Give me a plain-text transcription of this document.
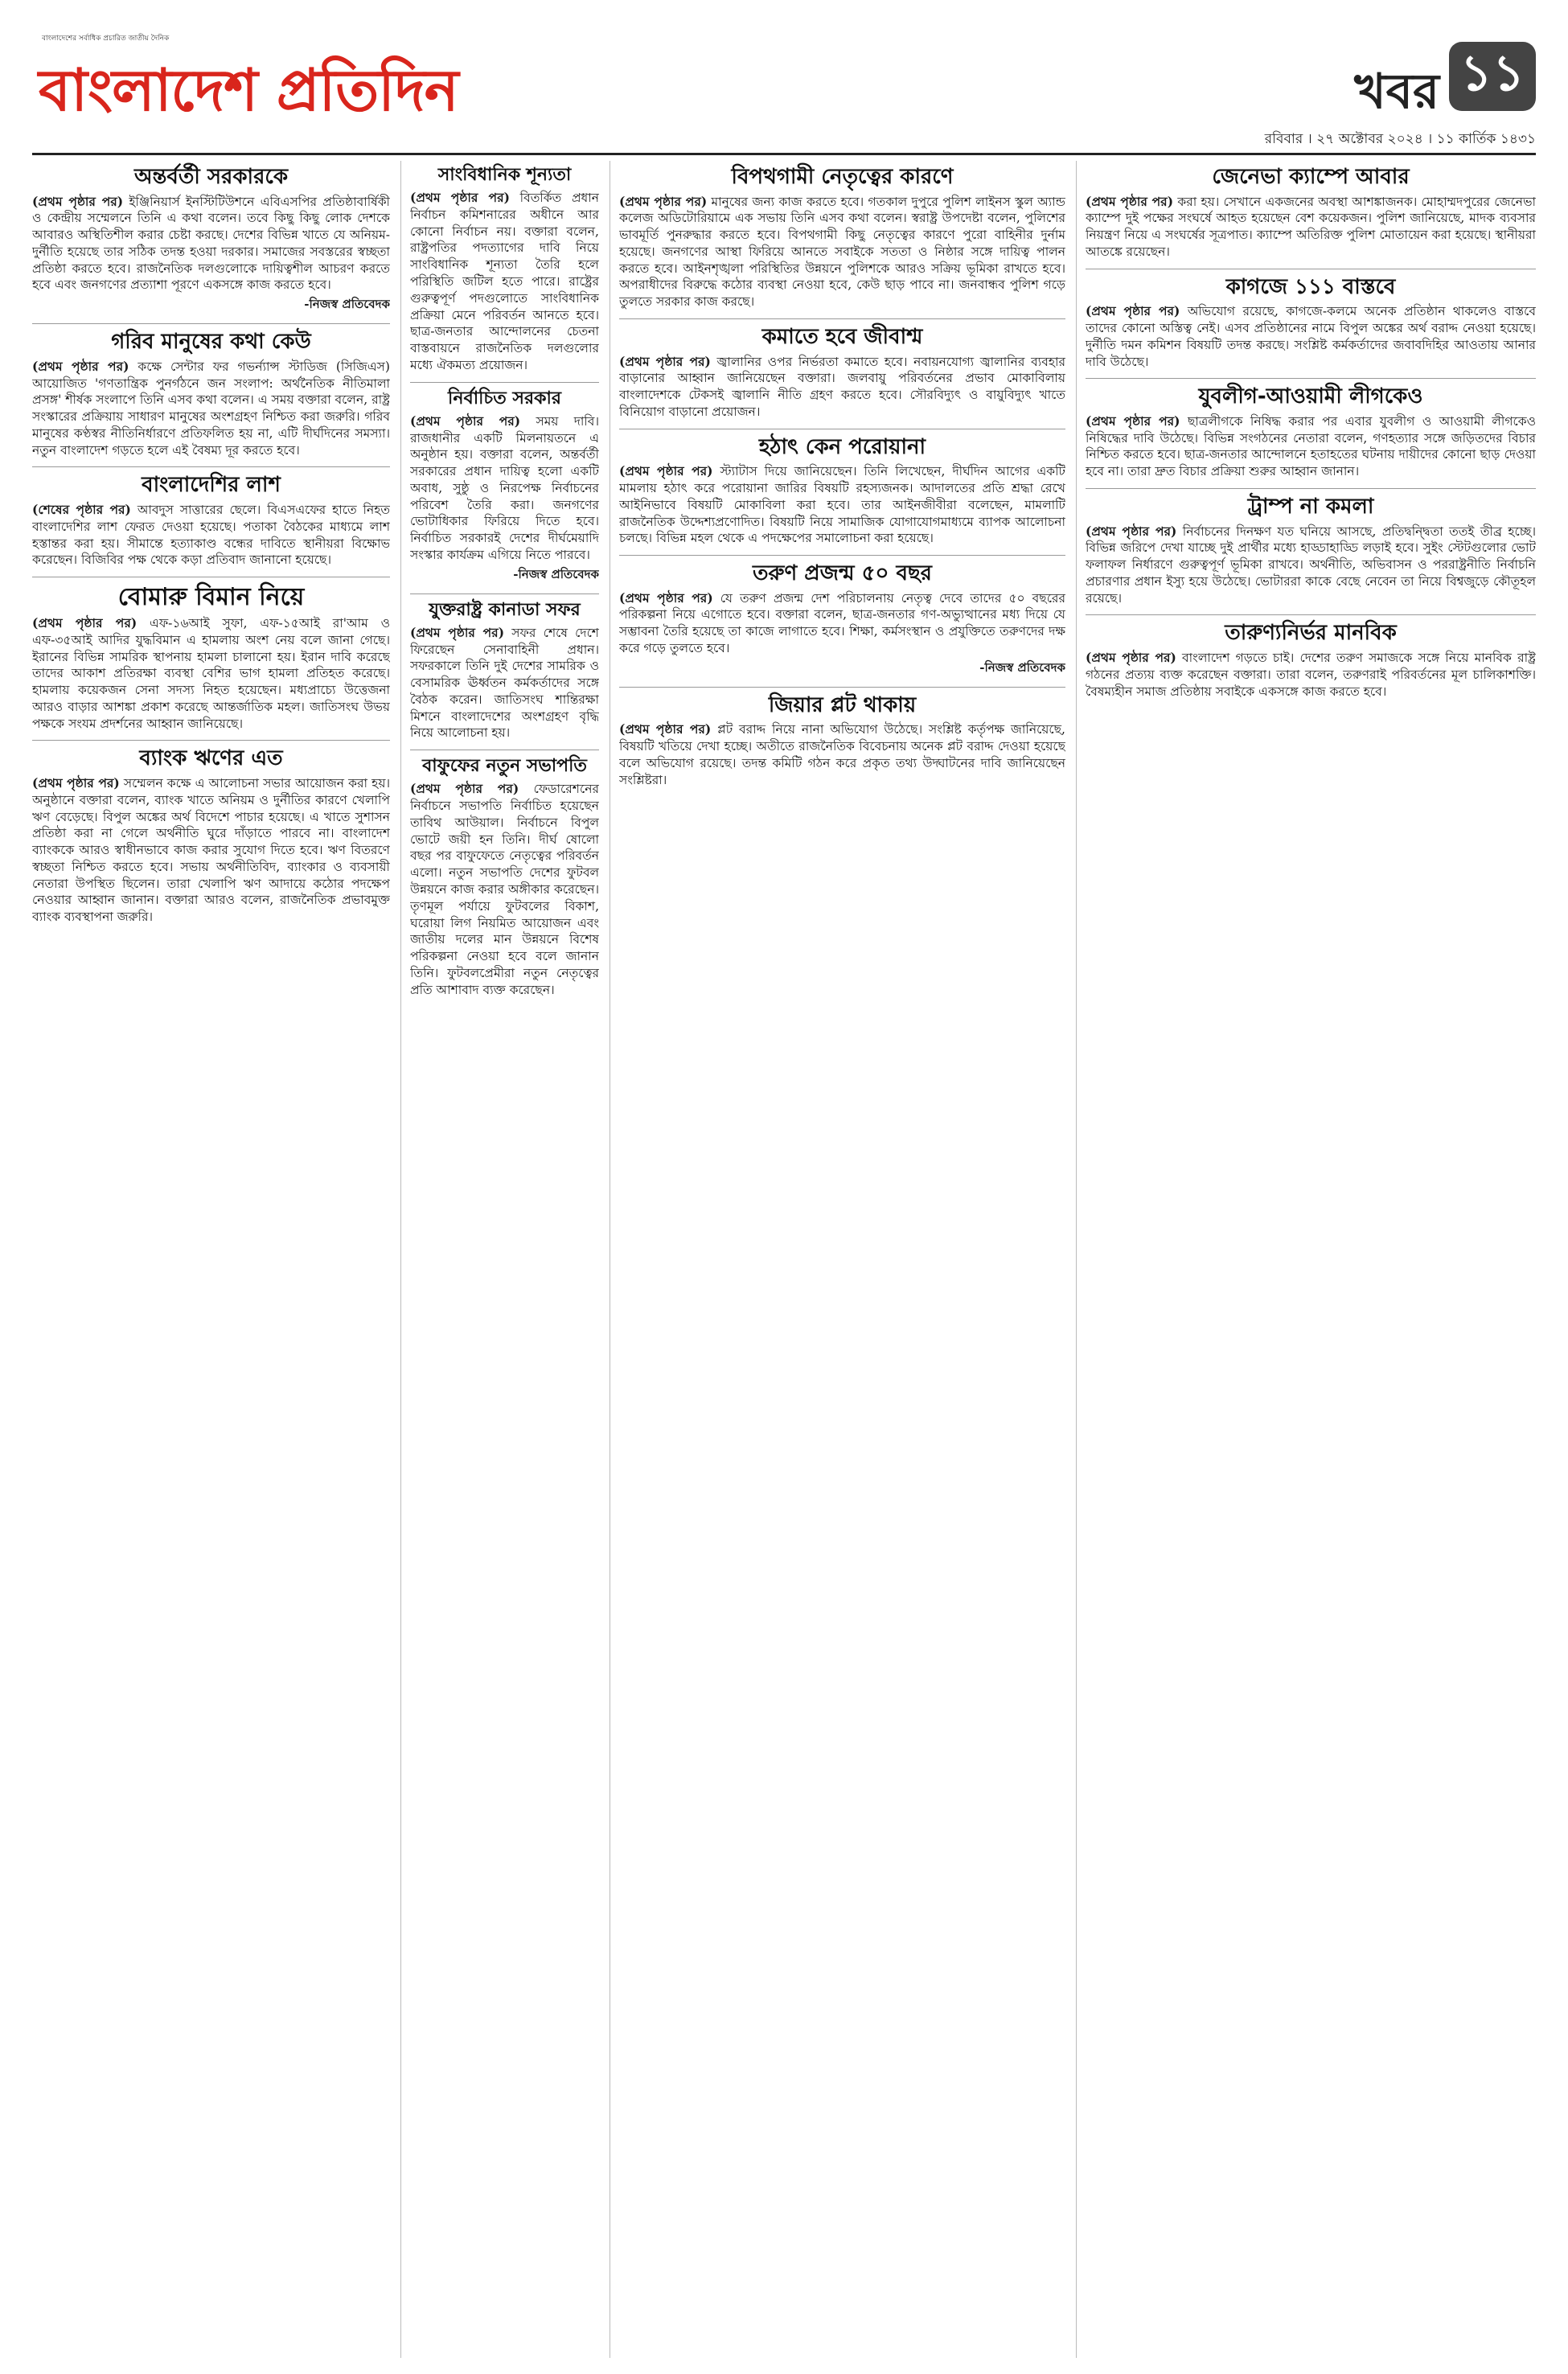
বাংলাদেশের সর্বাধিক প্রচারিত জাতীয় দৈনিক
বাংলাদেশ প্রতিদিন	খবর ১১
রবিবার । ২৭ অক্টোবর ২০২৪ । ১১ কার্তিক ১৪৩১
অন্তর্বর্তী সরকারকে

(প্রথম পৃষ্ঠার পর) ইঞ্জিনিয়ার্স ইনস্টিটিউশনে এবিএসপির প্রতিষ্ঠাবার্ষিকী ও কেন্দ্রীয় সম্মেলনে তিনি এ কথা বলেন। তবে কিছু কিছু লোক দেশকে আবারও অস্থিতিশীল করার চেষ্টা করছে। দেশের বিভিন্ন খাতে যে অনিয়ম-দুর্নীতি হয়েছে তার সঠিক তদন্ত হওয়া দরকার। সমাজের সবস্তরের স্বচ্ছতা প্রতিষ্ঠা করতে হবে। রাজনৈতিক দলগুলোকে দায়িত্বশীল আচরণ করতে হবে এবং জনগণের প্রত্যাশা পূরণে একসঙ্গে কাজ করতে হবে।

-নিজস্ব প্রতিবেদক

গরিব মানুষের কথা কেউ

(প্রথম পৃষ্ঠার পর) কক্ষে সেন্টার ফর গভর্ন্যান্স স্টাডিজ (সিজিএস) আয়োজিত 'গণতান্ত্রিক পুনর্গঠনে জন সংলাপ: অর্থনৈতিক নীতিমালা প্রসঙ্গ' শীর্ষক সংলাপে তিনি এসব কথা বলেন। এ সময় বক্তারা বলেন, রাষ্ট্র সংস্কারের প্রক্রিয়ায় সাধারণ মানুষের অংশগ্রহণ নিশ্চিত করা জরুরি। গরিব মানুষের কণ্ঠস্বর নীতিনির্ধারণে প্রতিফলিত হয় না, এটি দীর্ঘদিনের সমস্যা। নতুন বাংলাদেশ গড়তে হলে এই বৈষম্য দূর করতে হবে।

বাংলাদেশির লাশ

(শেষের পৃষ্ঠার পর) আবদুস সাত্তারের ছেলে। বিএসএফের হাতে নিহত বাংলাদেশির লাশ ফেরত দেওয়া হয়েছে। পতাকা বৈঠকের মাধ্যমে লাশ হস্তান্তর করা হয়। সীমান্তে হত্যাকাণ্ড বন্ধের দাবিতে স্থানীয়রা বিক্ষোভ করেছেন। বিজিবির পক্ষ থেকে কড়া প্রতিবাদ জানানো হয়েছে।

বোমারু বিমান নিয়ে

(প্রথম পৃষ্ঠার পর) এফ-১৬আই সুফা, এফ-১৫আই রা'আম ও এফ-৩৫আই আদির যুদ্ধবিমান এ হামলায় অংশ নেয় বলে জানা গেছে। ইরানের বিভিন্ন সামরিক স্থাপনায় হামলা চালানো হয়। ইরান দাবি করেছে তাদের আকাশ প্রতিরক্ষা ব্যবস্থা বেশির ভাগ হামলা প্রতিহত করেছে। হামলায় কয়েকজন সেনা সদস্য নিহত হয়েছেন। মধ্যপ্রাচ্যে উত্তেজনা আরও বাড়ার আশঙ্কা প্রকাশ করেছে আন্তর্জাতিক মহল। জাতিসংঘ উভয় পক্ষকে সংযম প্রদর্শনের আহ্বান জানিয়েছে।

ব্যাংক ঋণের এত

(প্রথম পৃষ্ঠার পর) সম্মেলন কক্ষে এ আলোচনা সভার আয়োজন করা হয়। অনুষ্ঠানে বক্তারা বলেন, ব্যাংক খাতে অনিয়ম ও দুর্নীতির কারণে খেলাপি ঋণ বেড়েছে। বিপুল অঙ্কের অর্থ বিদেশে পাচার হয়েছে। এ খাতে সুশাসন প্রতিষ্ঠা করা না গেলে অর্থনীতি ঘুরে দাঁড়াতে পারবে না। বাংলাদেশ ব্যাংককে আরও স্বাধীনভাবে কাজ করার সুযোগ দিতে হবে। ঋণ বিতরণে স্বচ্ছতা নিশ্চিত করতে হবে। সভায় অর্থনীতিবিদ, ব্যাংকার ও ব্যবসায়ী নেতারা উপস্থিত ছিলেন। তারা খেলাপি ঋণ আদায়ে কঠোর পদক্ষেপ নেওয়ার আহ্বান জানান। বক্তারা আরও বলেন, রাজনৈতিক প্রভাবমুক্ত ব্যাংক ব্যবস্থাপনা জরুরি।

সাংবিধানিক শূন্যতা

(প্রথম পৃষ্ঠার পর) বিতর্কিত প্রধান নির্বাচন কমিশনারের অধীনে আর কোনো নির্বাচন নয়। বক্তারা বলেন, রাষ্ট্রপতির পদত্যাগের দাবি নিয়ে সাংবিধানিক শূন্যতা তৈরি হলে পরিস্থিতি জটিল হতে পারে। রাষ্ট্রের গুরুত্বপূর্ণ পদগুলোতে সাংবিধানিক প্রক্রিয়া মেনে পরিবর্তন আনতে হবে। ছাত্র-জনতার আন্দোলনের চেতনা বাস্তবায়নে রাজনৈতিক দলগুলোর মধ্যে ঐকমত্য প্রয়োজন।

নির্বাচিত সরকার

(প্রথম পৃষ্ঠার পর) সময় দাবি। রাজধানীর একটি মিলনায়তনে এ অনুষ্ঠান হয়। বক্তারা বলেন, অন্তর্বর্তী সরকারের প্রধান দায়িত্ব হলো একটি অবাধ, সুষ্ঠু ও নিরপেক্ষ নির্বাচনের পরিবেশ তৈরি করা। জনগণের ভোটাধিকার ফিরিয়ে দিতে হবে। নির্বাচিত সরকারই দেশের দীর্ঘমেয়াদি সংস্কার কার্যক্রম এগিয়ে নিতে পারবে।

-নিজস্ব প্রতিবেদক

যুক্তরাষ্ট্র কানাডা সফর

(প্রথম পৃষ্ঠার পর) সফর শেষে দেশে ফিরেছেন সেনাবাহিনী প্রধান। সফরকালে তিনি দুই দেশের সামরিক ও বেসামরিক ঊর্ধ্বতন কর্মকর্তাদের সঙ্গে বৈঠক করেন। জাতিসংঘ শান্তিরক্ষা মিশনে বাংলাদেশের অংশগ্রহণ বৃদ্ধি নিয়ে আলোচনা হয়।

বাফুফের নতুন সভাপতি

(প্রথম পৃষ্ঠার পর) ফেডারেশনের নির্বাচনে সভাপতি নির্বাচিত হয়েছেন তাবিথ আউয়াল। নির্বাচনে বিপুল ভোটে জয়ী হন তিনি। দীর্ঘ ষোলো বছর পর বাফুফেতে নেতৃত্বের পরিবর্তন এলো। নতুন সভাপতি দেশের ফুটবল উন্নয়নে কাজ করার অঙ্গীকার করেছেন। তৃণমূল পর্যায়ে ফুটবলের বিকাশ, ঘরোয়া লিগ নিয়মিত আয়োজন এবং জাতীয় দলের মান উন্নয়নে বিশেষ পরিকল্পনা নেওয়া হবে বলে জানান তিনি। ফুটবলপ্রেমীরা নতুন নেতৃত্বের প্রতি আশাবাদ ব্যক্ত করেছেন।

বিপথগামী নেতৃত্বের কারণে

(প্রথম পৃষ্ঠার পর) মানুষের জন্য কাজ করতে হবে। গতকাল দুপুরে পুলিশ লাইনস স্কুল অ্যান্ড কলেজ অডিটোরিয়ামে এক সভায় তিনি এসব কথা বলেন। স্বরাষ্ট্র উপদেষ্টা বলেন, পুলিশের ভাবমূর্তি পুনরুদ্ধার করতে হবে। বিপথগামী কিছু নেতৃত্বের কারণে পুরো বাহিনীর দুর্নাম হয়েছে। জনগণের আস্থা ফিরিয়ে আনতে সবাইকে সততা ও নিষ্ঠার সঙ্গে দায়িত্ব পালন করতে হবে। আইনশৃঙ্খলা পরিস্থিতির উন্নয়নে পুলিশকে আরও সক্রিয় ভূমিকা রাখতে হবে। অপরাধীদের বিরুদ্ধে কঠোর ব্যবস্থা নেওয়া হবে, কেউ ছাড় পাবে না। জনবান্ধব পুলিশ গড়ে তুলতে সরকার কাজ করছে।

কমাতে হবে জীবাশ্ম

(প্রথম পৃষ্ঠার পর) জ্বালানির ওপর নির্ভরতা কমাতে হবে। নবায়নযোগ্য জ্বালানির ব্যবহার বাড়ানোর আহ্বান জানিয়েছেন বক্তারা। জলবায়ু পরিবর্তনের প্রভাব মোকাবিলায় বাংলাদেশকে টেকসই জ্বালানি নীতি গ্রহণ করতে হবে। সৌরবিদ্যুৎ ও বায়ুবিদ্যুৎ খাতে বিনিয়োগ বাড়ানো প্রয়োজন।

হঠাৎ কেন পরোয়ানা

(প্রথম পৃষ্ঠার পর) স্ট্যাটাস দিয়ে জানিয়েছেন। তিনি লিখেছেন, দীর্ঘদিন আগের একটি মামলায় হঠাৎ করে পরোয়ানা জারির বিষয়টি রহস্যজনক। আদালতের প্রতি শ্রদ্ধা রেখে আইনিভাবে বিষয়টি মোকাবিলা করা হবে। তার আইনজীবীরা বলেছেন, মামলাটি রাজনৈতিক উদ্দেশ্যপ্রণোদিত। বিষয়টি নিয়ে সামাজিক যোগাযোগমাধ্যমে ব্যাপক আলোচনা চলছে। বিভিন্ন মহল থেকে এ পদক্ষেপের সমালোচনা করা হয়েছে।

তরুণ প্রজন্ম ৫০ বছর

(প্রথম পৃষ্ঠার পর) যে তরুণ প্রজন্ম দেশ পরিচালনায় নেতৃত্ব দেবে তাদের ৫০ বছরের পরিকল্পনা নিয়ে এগোতে হবে। বক্তারা বলেন, ছাত্র-জনতার গণ-অভ্যুত্থানের মধ্য দিয়ে যে সম্ভাবনা তৈরি হয়েছে তা কাজে লাগাতে হবে। শিক্ষা, কর্মসংস্থান ও প্রযুক্তিতে তরুণদের দক্ষ করে গড়ে তুলতে হবে।

-নিজস্ব প্রতিবেদক

জিয়ার প্লট থাকায়

(প্রথম পৃষ্ঠার পর) প্লট বরাদ্দ নিয়ে নানা অভিযোগ উঠেছে। সংশ্লিষ্ট কর্তৃপক্ষ জানিয়েছে, বিষয়টি খতিয়ে দেখা হচ্ছে। অতীতে রাজনৈতিক বিবেচনায় অনেক প্লট বরাদ্দ দেওয়া হয়েছে বলে অভিযোগ রয়েছে। তদন্ত কমিটি গঠন করে প্রকৃত তথ্য উদ্ঘাটনের দাবি জানিয়েছেন সংশ্লিষ্টরা।

জেনেভা ক্যাম্পে আবার

(প্রথম পৃষ্ঠার পর) করা হয়। সেখানে একজনের অবস্থা আশঙ্কাজনক। মোহাম্মদপুরের জেনেভা ক্যাম্পে দুই পক্ষের সংঘর্ষে আহত হয়েছেন বেশ কয়েকজন। পুলিশ জানিয়েছে, মাদক ব্যবসার নিয়ন্ত্রণ নিয়ে এ সংঘর্ষের সূত্রপাত। ক্যাম্পে অতিরিক্ত পুলিশ মোতায়েন করা হয়েছে। স্থানীয়রা আতঙ্কে রয়েছেন।

কাগজে ১১১ বাস্তবে

(প্রথম পৃষ্ঠার পর) অভিযোগ রয়েছে, কাগজে-কলমে অনেক প্রতিষ্ঠান থাকলেও বাস্তবে তাদের কোনো অস্তিত্ব নেই। এসব প্রতিষ্ঠানের নামে বিপুল অঙ্কের অর্থ বরাদ্দ নেওয়া হয়েছে। দুর্নীতি দমন কমিশন বিষয়টি তদন্ত করছে। সংশ্লিষ্ট কর্মকর্তাদের জবাবদিহির আওতায় আনার দাবি উঠেছে।

যুবলীগ-আওয়ামী লীগকেও

(প্রথম পৃষ্ঠার পর) ছাত্রলীগকে নিষিদ্ধ করার পর এবার যুবলীগ ও আওয়ামী লীগকেও নিষিদ্ধের দাবি উঠেছে। বিভিন্ন সংগঠনের নেতারা বলেন, গণহত্যার সঙ্গে জড়িতদের বিচার নিশ্চিত করতে হবে। ছাত্র-জনতার আন্দোলনে হতাহতের ঘটনায় দায়ীদের কোনো ছাড় দেওয়া হবে না। তারা দ্রুত বিচার প্রক্রিয়া শুরুর আহ্বান জানান।

ট্রাম্প না কমলা

(প্রথম পৃষ্ঠার পর) নির্বাচনের দিনক্ষণ যত ঘনিয়ে আসছে, প্রতিদ্বন্দ্বিতা ততই তীব্র হচ্ছে। বিভিন্ন জরিপে দেখা যাচ্ছে দুই প্রার্থীর মধ্যে হাড্ডাহাড্ডি লড়াই হবে। সুইং স্টেটগুলোর ভোট ফলাফল নির্ধারণে গুরুত্বপূর্ণ ভূমিকা রাখবে। অর্থনীতি, অভিবাসন ও পররাষ্ট্রনীতি নির্বাচনি প্রচারণার প্রধান ইস্যু হয়ে উঠেছে। ভোটাররা কাকে বেছে নেবেন তা নিয়ে বিশ্বজুড়ে কৌতূহল রয়েছে।

তারুণ্যনির্ভর মানবিক

(প্রথম পৃষ্ঠার পর) বাংলাদেশ গড়তে চাই। দেশের তরুণ সমাজকে সঙ্গে নিয়ে মানবিক রাষ্ট্র গঠনের প্রত্যয় ব্যক্ত করেছেন বক্তারা। তারা বলেন, তরুণরাই পরিবর্তনের মূল চালিকাশক্তি। বৈষম্যহীন সমাজ প্রতিষ্ঠায় সবাইকে একসঙ্গে কাজ করতে হবে।
